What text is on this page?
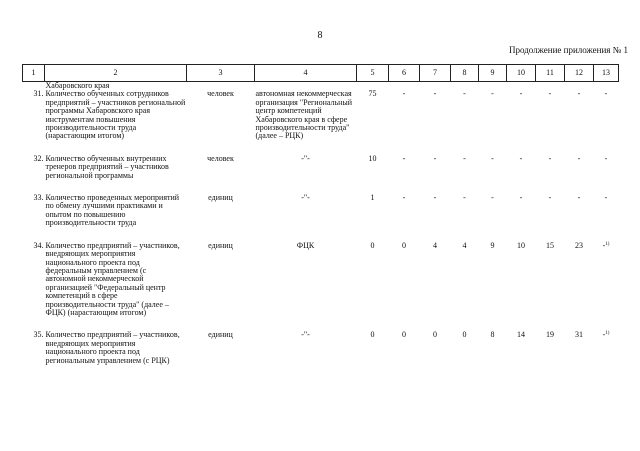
8
Продолжение приложения № 1
1	2	3	4	5	6	7	8	9	10	11	12	13
	Хабаровского края											
31.	Количество обученных сотрудников предприятий – участников региональной программы Хабаровского края инструментам повышения производительности труда (нарастающим итогом)	человек	автономная некоммерческая организация "Региональный центр компетенций Хабаровского края в сфере производительности труда" (далее – РЦК)	75	-	-	-	-	-	-	-	-

32.	Количество обученных внутренних тренеров предприятий – участников региональной программы	человек	-"-	10	-	-	-	-	-	-	-	-

33.	Количество проведенных мероприятий по обмену лучшими практиками и опытом по повышению производительности труда	единиц	-"-	1	-	-	-	-	-	-	-	-

34.	Количество предприятий – участников, внедряющих мероприятия национального проекта под федеральным управлением (с автономной некоммерческой организацией "Федеральный центр компетенций в сфере производительности труда" (далее – ФЦК) (нарастающим итогом)	единиц	ФЦК	0	0	4	4	9	10	15	23	-$^{1)}$

35.	Количество предприятий – участников, внедряющих мероприятия национального проекта под региональным управлением (с РЦК)	единиц	-"-	0	0	0	0	8	14	19	31	-$^{1)}$
